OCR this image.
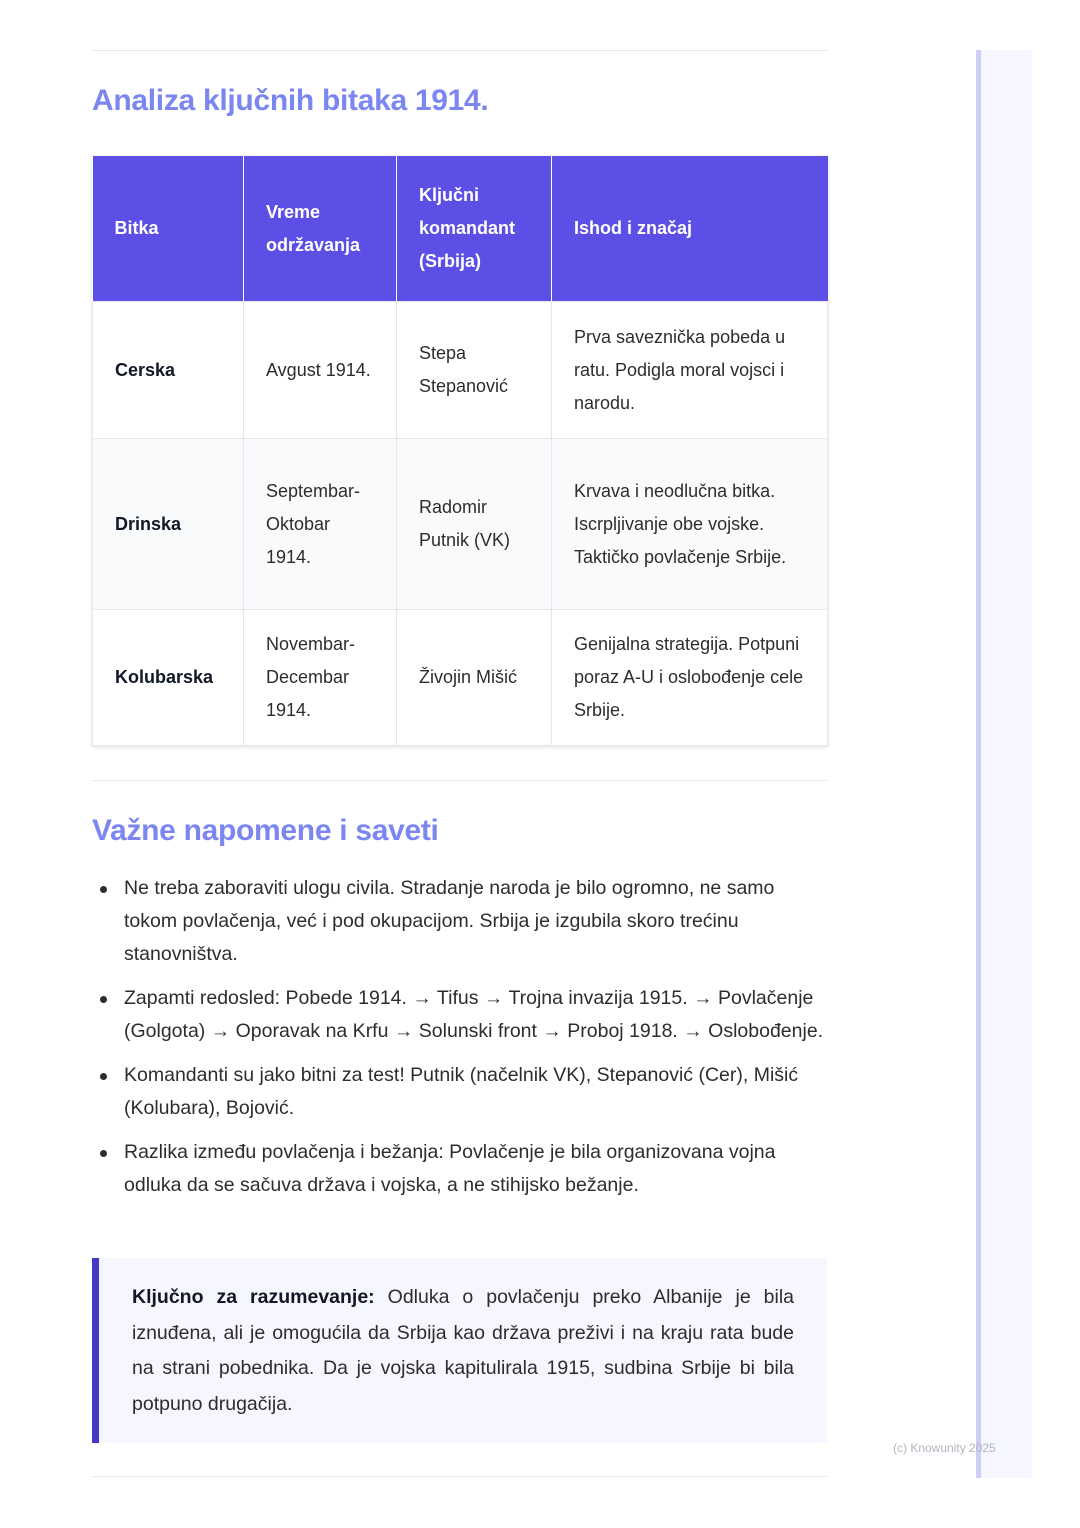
Analiza ključnih bitaka 1914.
Bitka	Vreme održavanja	Ključni komandant (Srbija)	Ishod i značaj
Cerska	Avgust 1914.	Stepa Stepanović	Prva saveznička pobeda u ratu. Podigla moral vojsci i narodu.
Drinska	Septembar-Oktobar 1914.	Radomir Putnik (VK)	Krvava i neodlučna bitka. Iscrpljivanje obe vojske. Taktičko povlačenje Srbije.
Kolubarska	Novembar-Decembar 1914.	Živojin Mišić	Genijalna strategija. Potpuni poraz A-U i oslobođenje cele Srbije.
Važne napomene i saveti
Ne treba zaboraviti ulogu civila. Stradanje naroda je bilo ogromno, ne samo tokom povlačenja, već i pod okupacijom. Srbija je izgubila skoro trećinu stanovništva.
Zapamti redosled: Pobede 1914. → Tifus → Trojna invazija 1915. → Povlačenje (Golgota) → Oporavak na Krfu → Solunski front → Proboj 1918. → Oslobođenje.
Komandanti su jako bitni za test! Putnik (načelnik VK), Stepanović (Cer), Mišić (Kolubara), Bojović.
Razlika između povlačenja i bežanja: Povlačenje je bila organizovana vojna odluka da se sačuva država i vojska, a ne stihijsko bežanje.
Ključno za razumevanje: Odluka o povlačenju preko Albanije je bila iznuđena, ali je omogućila da Srbija kao država preživi i na kraju rata bude na strani pobednika. Da je vojska kapitulirala 1915, sudbina Srbije bi bila potpuno drugačija.
(c) Knowunity 2025
